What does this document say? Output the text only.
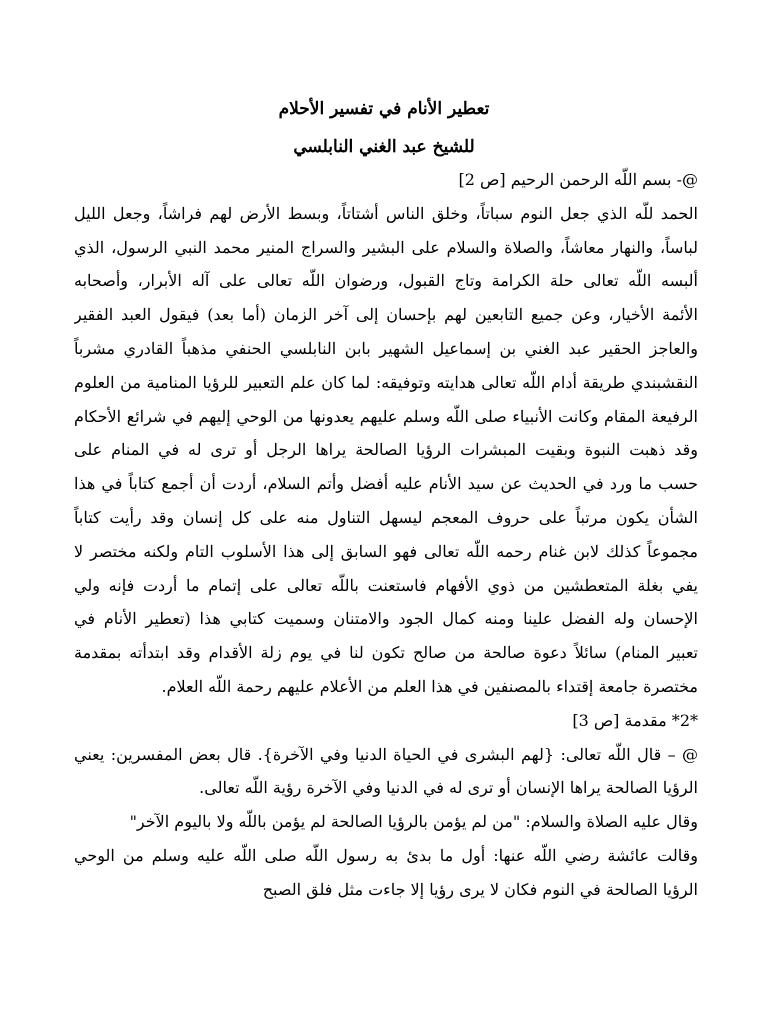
تعطير الأنام في تفسير الأحلام
للشيخ عبد الغني النابلسي
@- بسم اللّه الرحمن الرحيم [ص 2]
الحمد للّه الذي جعل النوم سباتاً، وخلق الناس أشتاتاً، وبسط الأرض لهم فراشاً، وجعل الليل
لباساً، والنهار معاشاً، والصلاة والسلام على البشير والسراج المنير محمد النبي الرسول، الذي
ألبسه اللّه تعالى حلة الكرامة وتاج القبول، ورضوان اللّه تعالى على آله الأبرار، وأصحابه
الأئمة الأخيار، وعن جميع التابعين لهم بإحسان إلى آخر الزمان (أما بعد) فيقول العبد الفقير
والعاجز الحقير عبد الغني بن إسماعيل الشهير بابن النابلسي الحنفي مذهباً القادري مشرباً
النقشبندي طريقة أدام اللّه تعالى هدايته وتوفيقه: لما كان علم التعبير للرؤيا المنامية من العلوم
الرفيعة المقام وكانت الأنبياء صلى اللّه وسلم عليهم يعدونها من الوحي إليهم في شرائع الأحكام
وقد ذهبت النبوة وبقيت المبشرات الرؤيا الصالحة يراها الرجل أو ترى له في المنام على
حسب ما ورد في الحديث عن سيد الأنام عليه أفضل وأتم السلام، أردت أن أجمع كتاباً في هذا
الشأن يكون مرتباً على حروف المعجم ليسهل التناول منه على كل إنسان وقد رأيت كتاباً
مجموعاً كذلك لابن غنام رحمه اللّه تعالى فهو السابق إلى هذا الأسلوب التام ولكنه مختصر لا
يفي بغلة المتعطشين من ذوي الأفهام فاستعنت باللّه تعالى على إتمام ما أردت فإنه ولي
الإحسان وله الفضل علينا ومنه كمال الجود والامتنان وسميت كتابي هذا (تعطير الأنام في
تعبير المنام) سائلاً دعوة صالحة من صالح تكون لنا في يوم زلة الأقدام وقد ابتدأته بمقدمة
مختصرة جامعة إقتداء بالمصنفين في هذا العلم من الأعلام عليهم رحمة اللّه العلام.
*2* مقدمة [ص 3]
@ – قال اللّه تعالى: {لهم البشرى في الحياة الدنيا وفي الآخرة}. قال بعض المفسرين: يعني
الرؤيا الصالحة يراها الإنسان أو ترى له في الدنيا وفي الآخرة رؤية اللّه تعالى.
وقال عليه الصلاة والسلام: "من لم يؤمن بالرؤيا الصالحة لم يؤمن باللّه ولا باليوم الآخر"
وقالت عائشة رضي اللّه عنها: أول ما بدئ به رسول اللّه صلى اللّه عليه وسلم من الوحي
الرؤيا الصالحة في النوم فكان لا يرى رؤيا إلا جاءت مثل فلق الصبح
